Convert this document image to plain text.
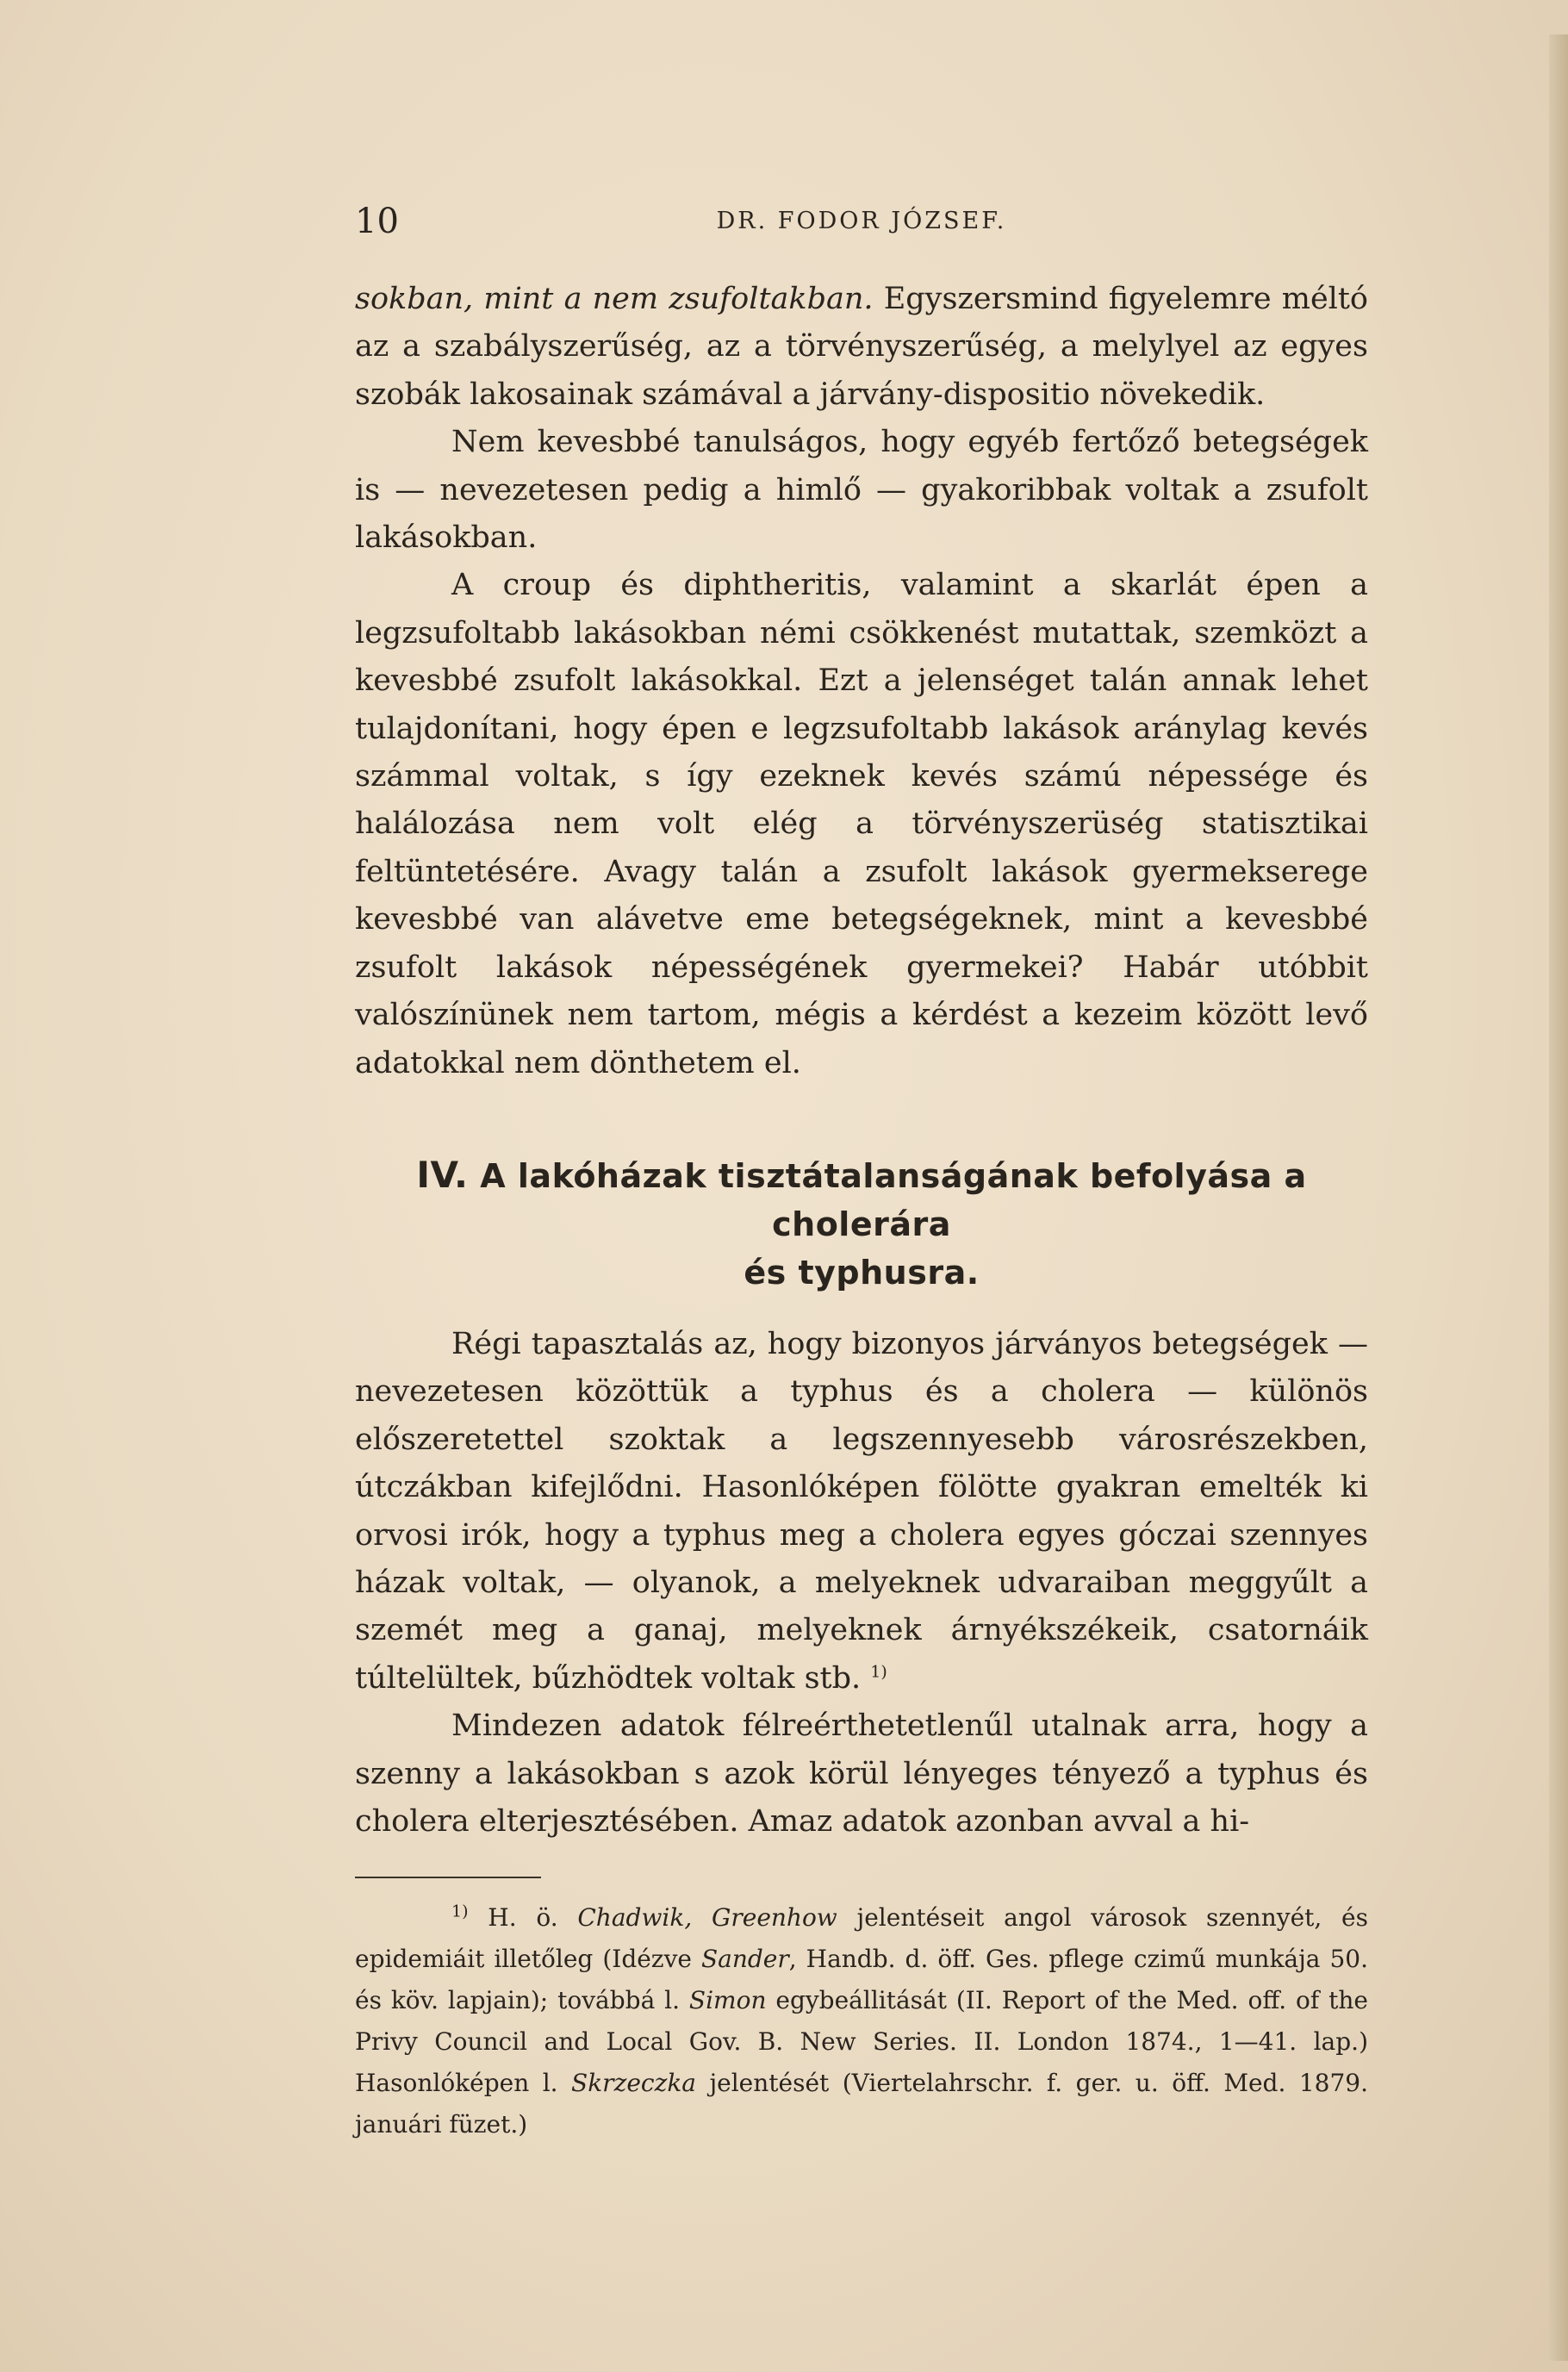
10	DR. FODOR JÓZSEF.

sokban, mint a nem zsufoltakban. Egyszersmind figyelemre méltó az a szabályszerűség, az a törvényszerűség, a melylyel az egyes szobák lakosainak számával a járvány-dispositio növekedik.

Nem kevesbbé tanulságos, hogy egyéb fertőző betegségek is — nevezetesen pedig a himlő — gyakoribbak voltak a zsufolt lakásokban.

A croup és diphtheritis, valamint a skarlát épen a legzsufoltabb lakásokban némi csökkenést mutattak, szemközt a kevesbbé zsufolt lakásokkal. Ezt a jelenséget talán annak lehet tulajdonítani, hogy épen e legzsufoltabb lakások aránylag kevés számmal voltak, s így ezeknek kevés számú népessége és halálozása nem volt elég a törvényszerüség statisztikai feltüntetésére. Avagy talán a zsufolt lakások gyermekserege kevesbbé van alávetve eme betegségeknek, mint a kevesbbé zsufolt lakások népességének gyermekei? Habár utóbbit valószínünek nem tartom, mégis a kérdést a kezeim között levő adatokkal nem dönthetem el.

IV. A lakóházak tisztátalanságának befolyása a cholerára
és typhusra.

Régi tapasztalás az, hogy bizonyos járványos betegségek — nevezetesen közöttük a typhus és a cholera — különös előszeretettel szoktak a legszennyesebb városrészekben, útczákban kifejlődni. Hasonlóképen fölötte gyakran emelték ki orvosi irók, hogy a typhus meg a cholera egyes góczai szennyes házak voltak, — olyanok, a melyeknek udvaraiban meggyűlt a szemét meg a ganaj, melyeknek árnyékszékeik, csatornáik túltelültek, bűzhödtek voltak stb. $^{1)}$

Mindezen adatok félreérthetetlenűl utalnak arra, hogy a szenny a lakásokban s azok körül lényeges tényező a typhus és cholera elterjesztésében. Amaz adatok azonban avval a hi-

$^{1)}$ H. ö. Chadwik, Greenhow jelentéseit angol városok szennyét, és epidemiáit illetőleg (Idézve Sander, Handb. d. öff. Ges. pflege czimű munkája 50. és köv. lapjain); továbbá l. Simon egybeállitását (II. Report of the Med. off. of the Privy Council and Local Gov. B. New Series. II. London 1874., 1—41. lap.) Hasonlóképen l. Skrzeczka jelentését (Viertelahrschr. f. ger. u. öff. Med. 1879. januári füzet.)
